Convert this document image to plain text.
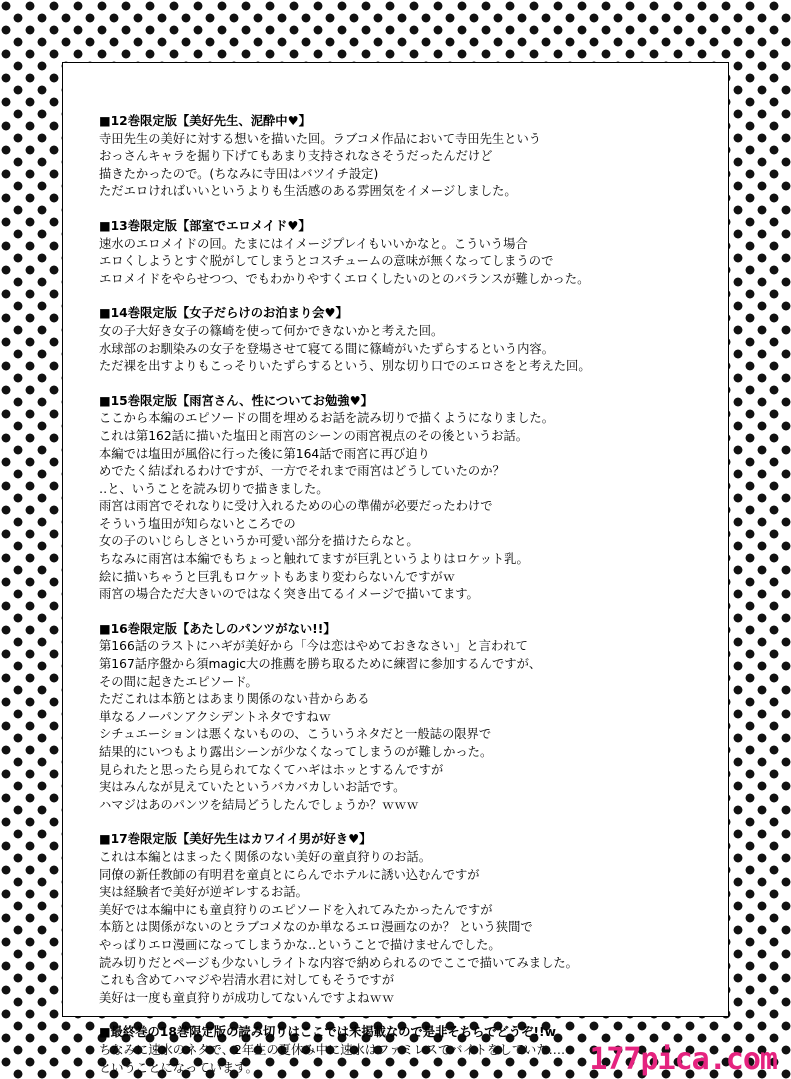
■12巻限定版【美好先生、泥酔中♥】
寺田先生の美好に対する想いを描いた回。ラブコメ作品において寺田先生という
おっさんキャラを掘り下げてもあまり支持されなさそうだったんだけど
描きたかったので。(ちなみに寺田はバツイチ設定)
ただエロければいいというよりも生活感のある雰囲気をイメージしました。
■13巻限定版【部室でエロメイド♥】
速水のエロメイドの回。たまにはイメージプレイもいいかなと。こういう場合
エロくしようとすぐ脱がしてしまうとコスチュームの意味が無くなってしまうので
エロメイドをやらせつつ、でもわかりやすくエロくしたいのとのバランスが難しかった。
■14巻限定版【女子だらけのお泊まり会♥】
女の子大好き女子の篠崎を使って何かできないかと考えた回。
水球部のお馴染みの女子を登場させて寝てる間に篠崎がいたずらするという内容。
ただ裸を出すよりもこっそりいたずらするという、別な切り口でのエロさをと考えた回。
■15巻限定版【雨宮さん、性についてお勉強♥】
ここから本編のエピソードの間を埋めるお話を読み切りで描くようになりました。
これは第162話に描いた塩田と雨宮のシーンの雨宮視点のその後というお話。
本編では塩田が風俗に行った後に第164話で雨宮に再び迫り
めでたく結ばれるわけですが、一方でそれまで雨宮はどうしていたのか？
‥と、いうことを読み切りで描きました。
雨宮は雨宮でそれなりに受け入れるための心の準備が必要だったわけで
そういう塩田が知らないところでの
女の子のいじらしさというか可愛い部分を描けたらなと。
ちなみに雨宮は本編でもちょっと触れてますが巨乳というよりはロケット乳。
絵に描いちゃうと巨乳もロケットもあまり変わらないんですがｗ
雨宮の場合ただ大きいのではなく突き出てるイメージで描いてます。
■16巻限定版【あたしのパンツがない!!】
第166話のラストにハギが美好から「今は恋はやめておきなさい」と言われて
第167話序盤から須magic大の推薦を勝ち取るために練習に参加するんですが、
その間に起きたエピソード。
ただこれは本筋とはあまり関係のない昔からある
単なるノーパンアクシデントネタですねｗ
シチュエーションは悪くないものの、こういうネタだと一般誌の限界で
結果的にいつもより露出シーンが少なくなってしまうのが難しかった。
見られたと思ったら見られてなくてハギはホッとするんですが
実はみんなが見えていたというバカバカしいお話です。
ハマジはあのパンツを結局どうしたんでしょうか？ｗｗｗ
■17巻限定版【美好先生はカワイイ男が好き♥】
これは本編とはまったく関係のない美好の童貞狩りのお話。
同僚の新任教師の有明君を童貞とにらんでホテルに誘い込むんですが
実は経験者で美好が逆ギレするお話。
美好では本編中にも童貞狩りのエピソードを入れてみたかったんですが
本筋とは関係がないのとラブコメなのか単なるエロ漫画なのか？ という狭間で
やっぱりエロ漫画になってしまうかな‥ということで描けませんでした。
読み切りだとページも少ないしライトな内容で納められるのでここで描いてみました。
これも含めてハマジや岩清水君に対してもそうですが
美好は一度も童貞狩りが成功してないんですよねｗｗ
■最終巻の18巻限定版の読み切りはここでは未掲載なので是非そちらでどうぞ!!w
ちなみに速水のネタで、2年生の夏休み中に速水はファミレスでバイトをしていた‥‥
ということになっています。	177pica.com
